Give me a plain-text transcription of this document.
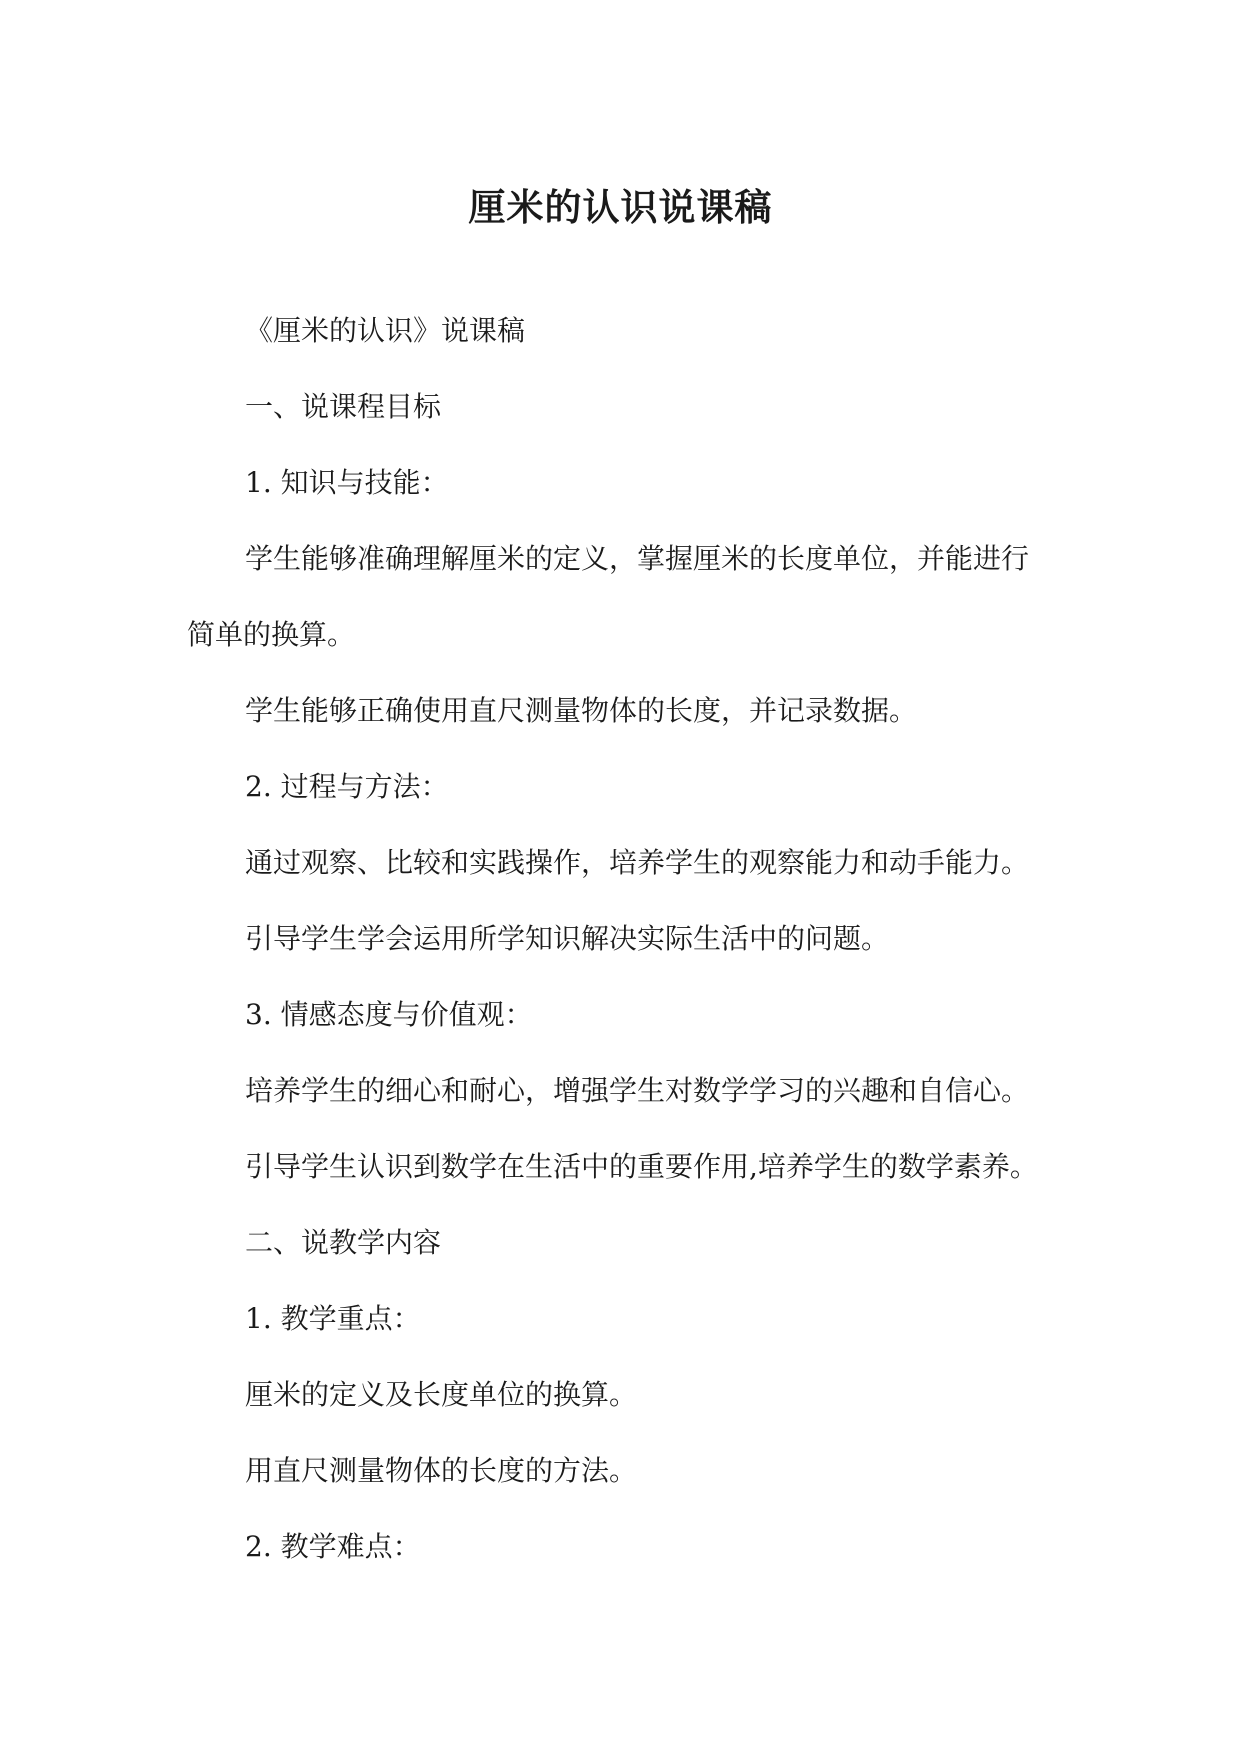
厘米的认识说课稿
《厘米的认识》说课稿
一、说课程目标
1. 知识与技能：
学生能够准确理解厘米的定义，掌握厘米的长度单位，并能进行
简单的换算。
学生能够正确使用直尺测量物体的长度，并记录数据。
2. 过程与方法：
通过观察、比较和实践操作，培养学生的观察能力和动手能力。
引导学生学会运用所学知识解决实际生活中的问题。
3. 情感态度与价值观：
培养学生的细心和耐心，增强学生对数学学习的兴趣和自信心。
引导学生认识到数学在生活中的重要作用,培养学生的数学素养。
二、说教学内容
1. 教学重点：
厘米的定义及长度单位的换算。
用直尺测量物体的长度的方法。
2. 教学难点：
